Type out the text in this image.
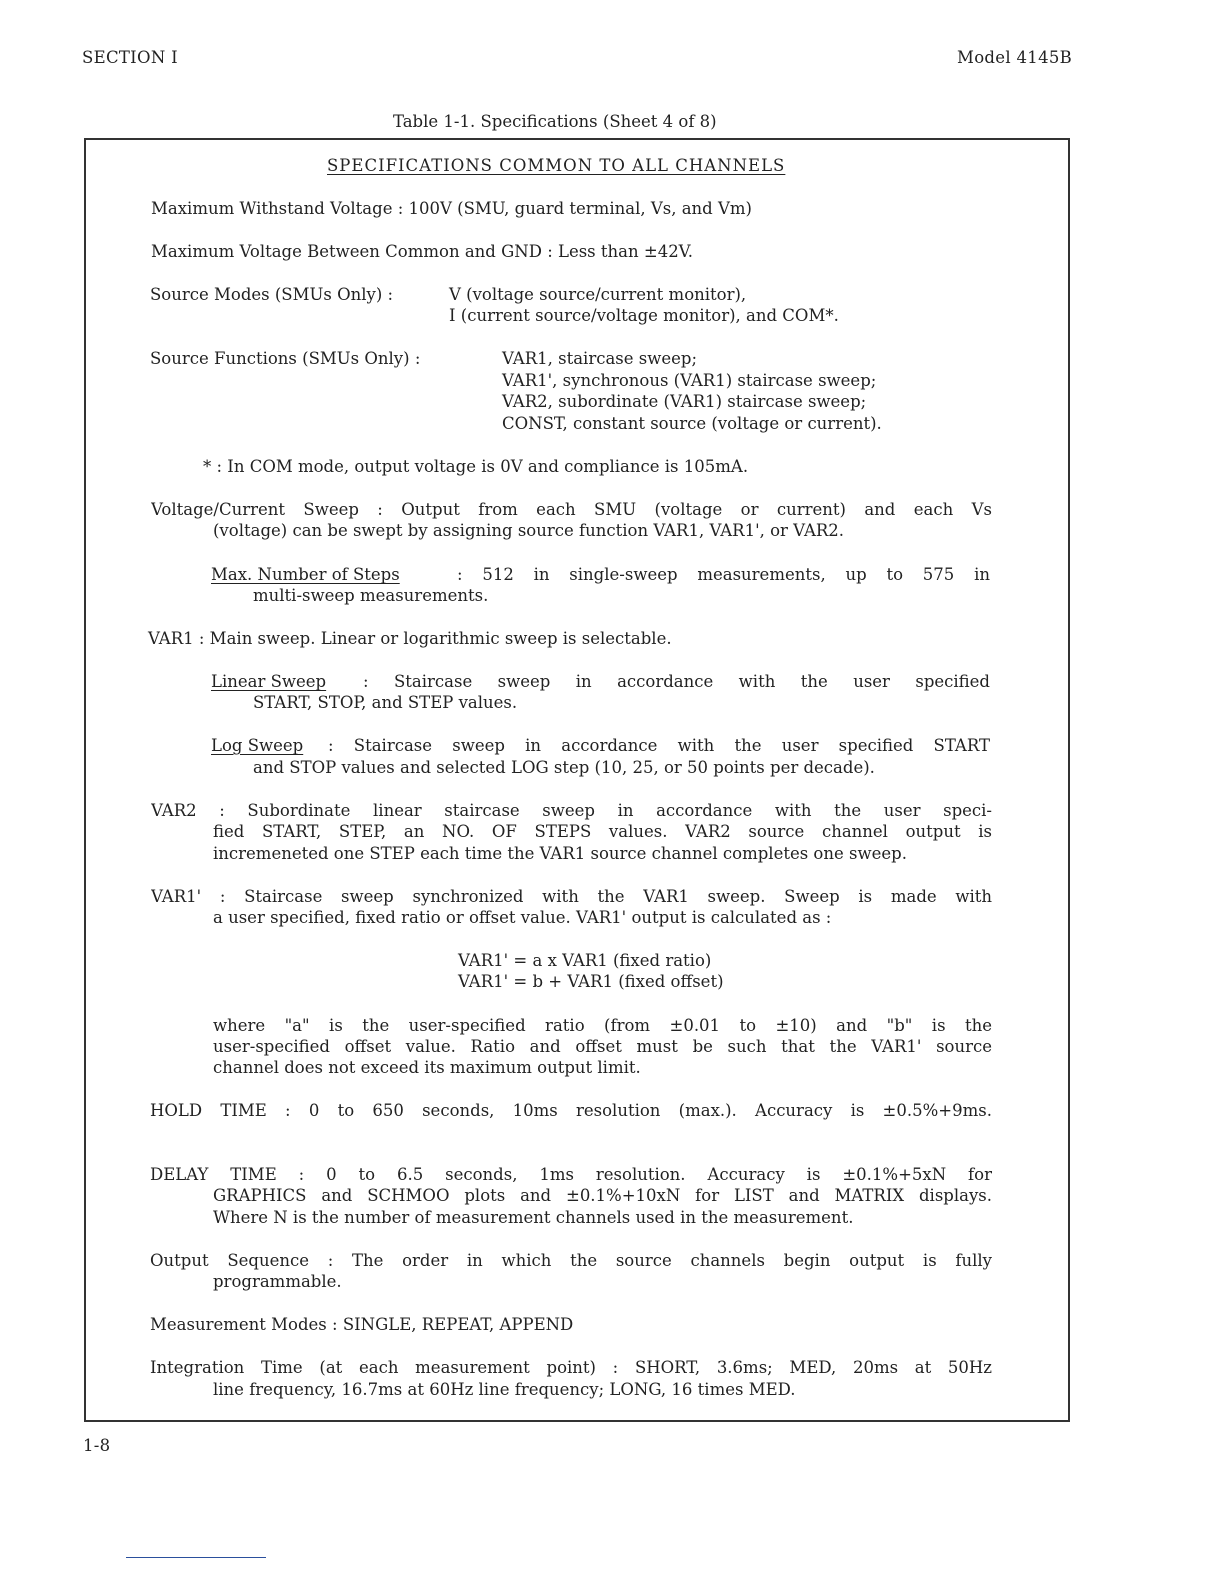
SECTION I	Model 4145B
Table 1-1. Specifications (Sheet 4 of 8)
SPECIFICATIONS COMMON TO ALL CHANNELS
Maximum Withstand Voltage : 100V (SMU, guard terminal, Vs, and Vm)
Maximum Voltage Between Common and GND : Less than ±42V.
Source Modes (SMUs Only) :	V (voltage source/current monitor),
I (current source/voltage monitor), and COM*.
Source Functions (SMUs Only) :	VAR1, staircase sweep;
VAR1', synchronous (VAR1) staircase sweep;
VAR2, subordinate (VAR1) staircase sweep;
CONST, constant source (voltage or current).
* : In COM mode, output voltage is 0V and compliance is 105mA.
Voltage/Current Sweep : Output from each SMU (voltage or current) and each Vs
(voltage) can be swept by assigning source function VAR1, VAR1', or VAR2.
Max. Number of Steps	: 512 in single-sweep measurements, up to 575 in
multi-sweep measurements.
VAR1 : Main sweep. Linear or logarithmic sweep is selectable.
Linear Sweep : Staircase sweep in accordance with the user specified
START, STOP, and STEP values.
Log Sweep : Staircase sweep in accordance with the user specified START
and STOP values and selected LOG step (10, 25, or 50 points per decade).
VAR2 : Subordinate linear staircase sweep in accordance with the user speci-
fied START, STEP, an NO. OF STEPS values. VAR2 source channel output is
incremeneted one STEP each time the VAR1 source channel completes one sweep.
VAR1' : Staircase sweep synchronized with the VAR1 sweep. Sweep is made with
a user specified, fixed ratio or offset value. VAR1' output is calculated as :
VAR1' = a x VAR1 (fixed ratio)
VAR1' = b + VAR1 (fixed offset)
where "a" is the user-specified ratio (from ±0.01 to ±10) and "b" is the
user-specified offset value. Ratio and offset must be such that the VAR1' source
channel does not exceed its maximum output limit.
HOLD TIME : 0 to 650 seconds, 10ms resolution (max.). Accuracy is ±0.5%+9ms.
DELAY TIME : 0 to 6.5 seconds, 1ms resolution. Accuracy is ±0.1%+5xN for
GRAPHICS and SCHMOO plots and ±0.1%+10xN for LIST and MATRIX displays.
Where N is the number of measurement channels used in the measurement.
Output Sequence : The order in which the source channels begin output is fully
programmable.
Measurement Modes : SINGLE, REPEAT, APPEND
Integration Time (at each measurement point) : SHORT, 3.6ms; MED, 20ms at 50Hz
line frequency, 16.7ms at 60Hz line frequency; LONG, 16 times MED.
1-8
